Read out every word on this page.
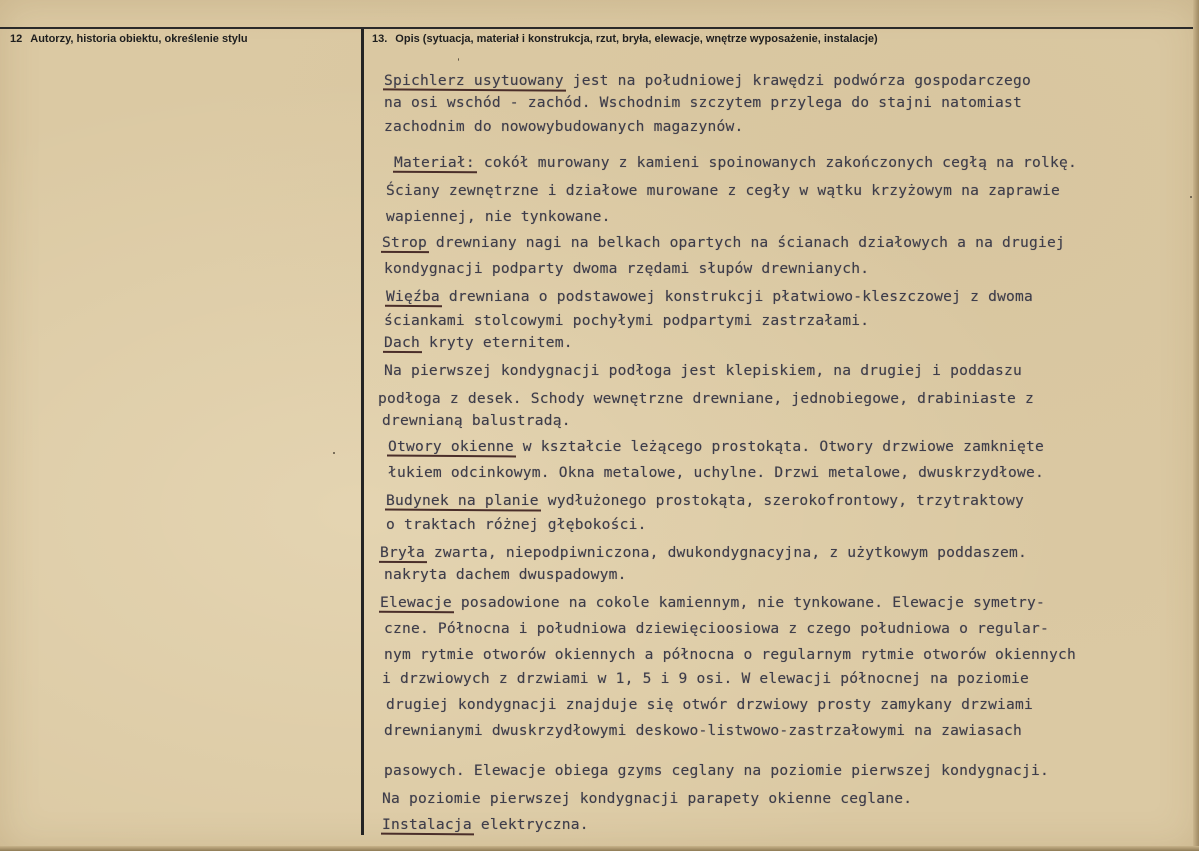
12 Autorzy, historia obiektu, określenie stylu	13. Opis (sytuacja, materiał i konstrukcja, rzut, bryła, elewacje, wnętrze wyposażenie, instalacje)
Spichlerz usytuowany jest na południowej krawędzi podwórza gospodarczego
na osi wschód - zachód. Wschodnim szczytem przylega do stajni natomiast
zachodnim do nowowybudowanych magazynów.
Materiał: cokół murowany z kamieni spoinowanych zakończonych cegłą na rolkę.
Ściany zewnętrzne i działowe murowane z cegły w wątku krzyżowym na zaprawie
wapiennej, nie tynkowane.
Strop drewniany nagi na belkach opartych na ścianach działowych a na drugiej
kondygnacji podparty dwoma rzędami słupów drewnianych.
Więźba drewniana o podstawowej konstrukcji płatwiowo-kleszczowej z dwoma
ściankami stolcowymi pochyłymi podpartymi zastrzałami.
Dach kryty eternitem.
Na pierwszej kondygnacji podłoga jest klepiskiem, na drugiej i poddaszu
podłoga z desek. Schody wewnętrzne drewniane, jednobiegowe, drabiniaste z
drewnianą balustradą.
Otwory okienne w kształcie leżącego prostokąta. Otwory drzwiowe zamknięte
łukiem odcinkowym. Okna metalowe, uchylne. Drzwi metalowe, dwuskrzydłowe.
Budynek na planie wydłużonego prostokąta, szerokofrontowy, trzytraktowy
o traktach różnej głębokości.
Bryła zwarta, niepodpiwniczona, dwukondygnacyjna, z użytkowym poddaszem.
nakryta dachem dwuspadowym.
Elewacje posadowione na cokole kamiennym, nie tynkowane. Elewacje symetry-
czne. Północna i południowa dziewięcioosiowa z czego południowa o regular-
nym rytmie otworów okiennych a północna o regularnym rytmie otworów okiennych
i drzwiowych z drzwiami w 1, 5 i 9 osi. W elewacji północnej na poziomie
drugiej kondygnacji znajduje się otwór drzwiowy prosty zamykany drzwiami
drewnianymi dwuskrzydłowymi deskowo-listwowo-zastrzałowymi na zawiasach
pasowych. Elewacje obiega gzyms ceglany na poziomie pierwszej kondygnacji.
Na poziomie pierwszej kondygnacji parapety okienne ceglane.
Instalacja elektryczna.
